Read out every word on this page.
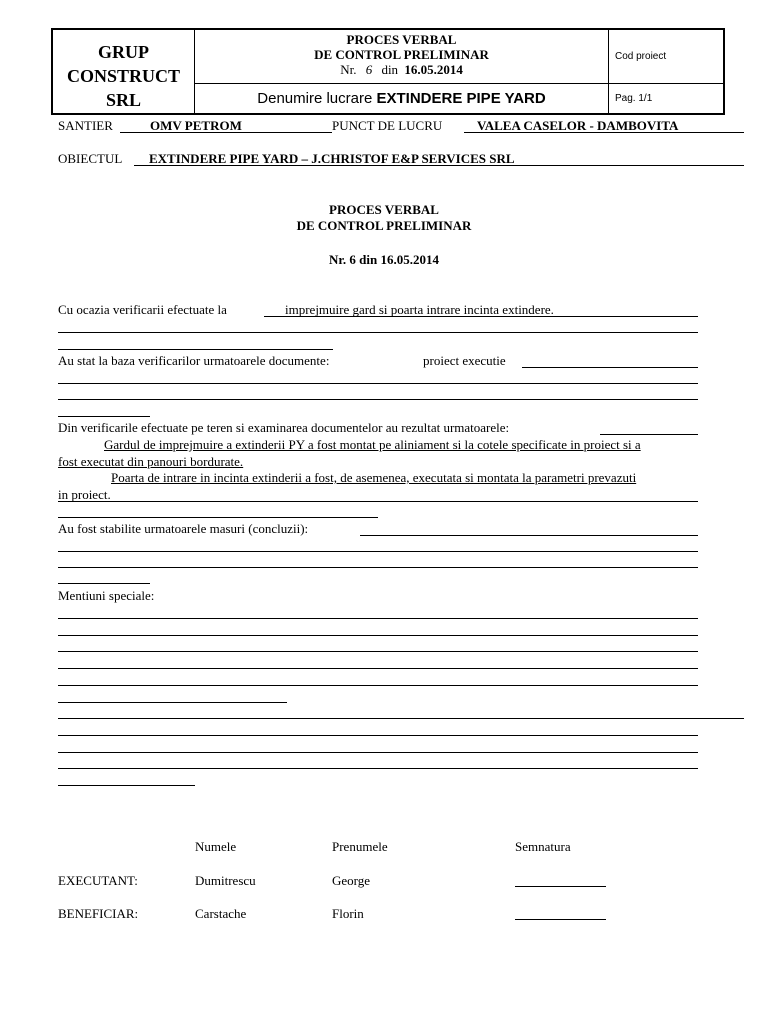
GRUP
CONSTRUCT
SRL
PROCES VERBAL
DE CONTROL PRELIMINAR
Nr. 6 din 16.05.2014
Cod proiect
Denumire lucrare EXTINDERE PIPE YARD	Pag. 1/1
SANTIER	OMV PETROM	PUNCT DE LUCRU	VALEA CASELOR - DAMBOVITA
OBIECTUL EXTINDERE PIPE YARD – J.CHRISTOF E&P SERVICES SRL
PROCES VERBAL
DE CONTROL PRELIMINAR
Nr. 6 din 16.05.2014
Cu ocazia verificarii efectuate la	imprejmuire gard si poarta intrare incinta extindere.
Au stat la baza verificarilor urmatoarele documente:	proiect executie
Din verificarile efectuate pe teren si examinarea documentelor au rezultat urmatoarele:
Gardul de imprejmuire a extinderii PY a fost montat pe aliniament si la cotele specificate in proiect si a
fost executat din panouri bordurate.
Poarta de intrare in incinta extinderii a fost, de asemenea, executata si montata la parametri prevazuti
in proiect.
Au fost stabilite urmatoarele masuri (concluzii):
Mentiuni speciale:
Numele	Prenumele	Semnatura
EXECUTANT:	Dumitrescu	George
BENEFICIAR:	Carstache	Florin
